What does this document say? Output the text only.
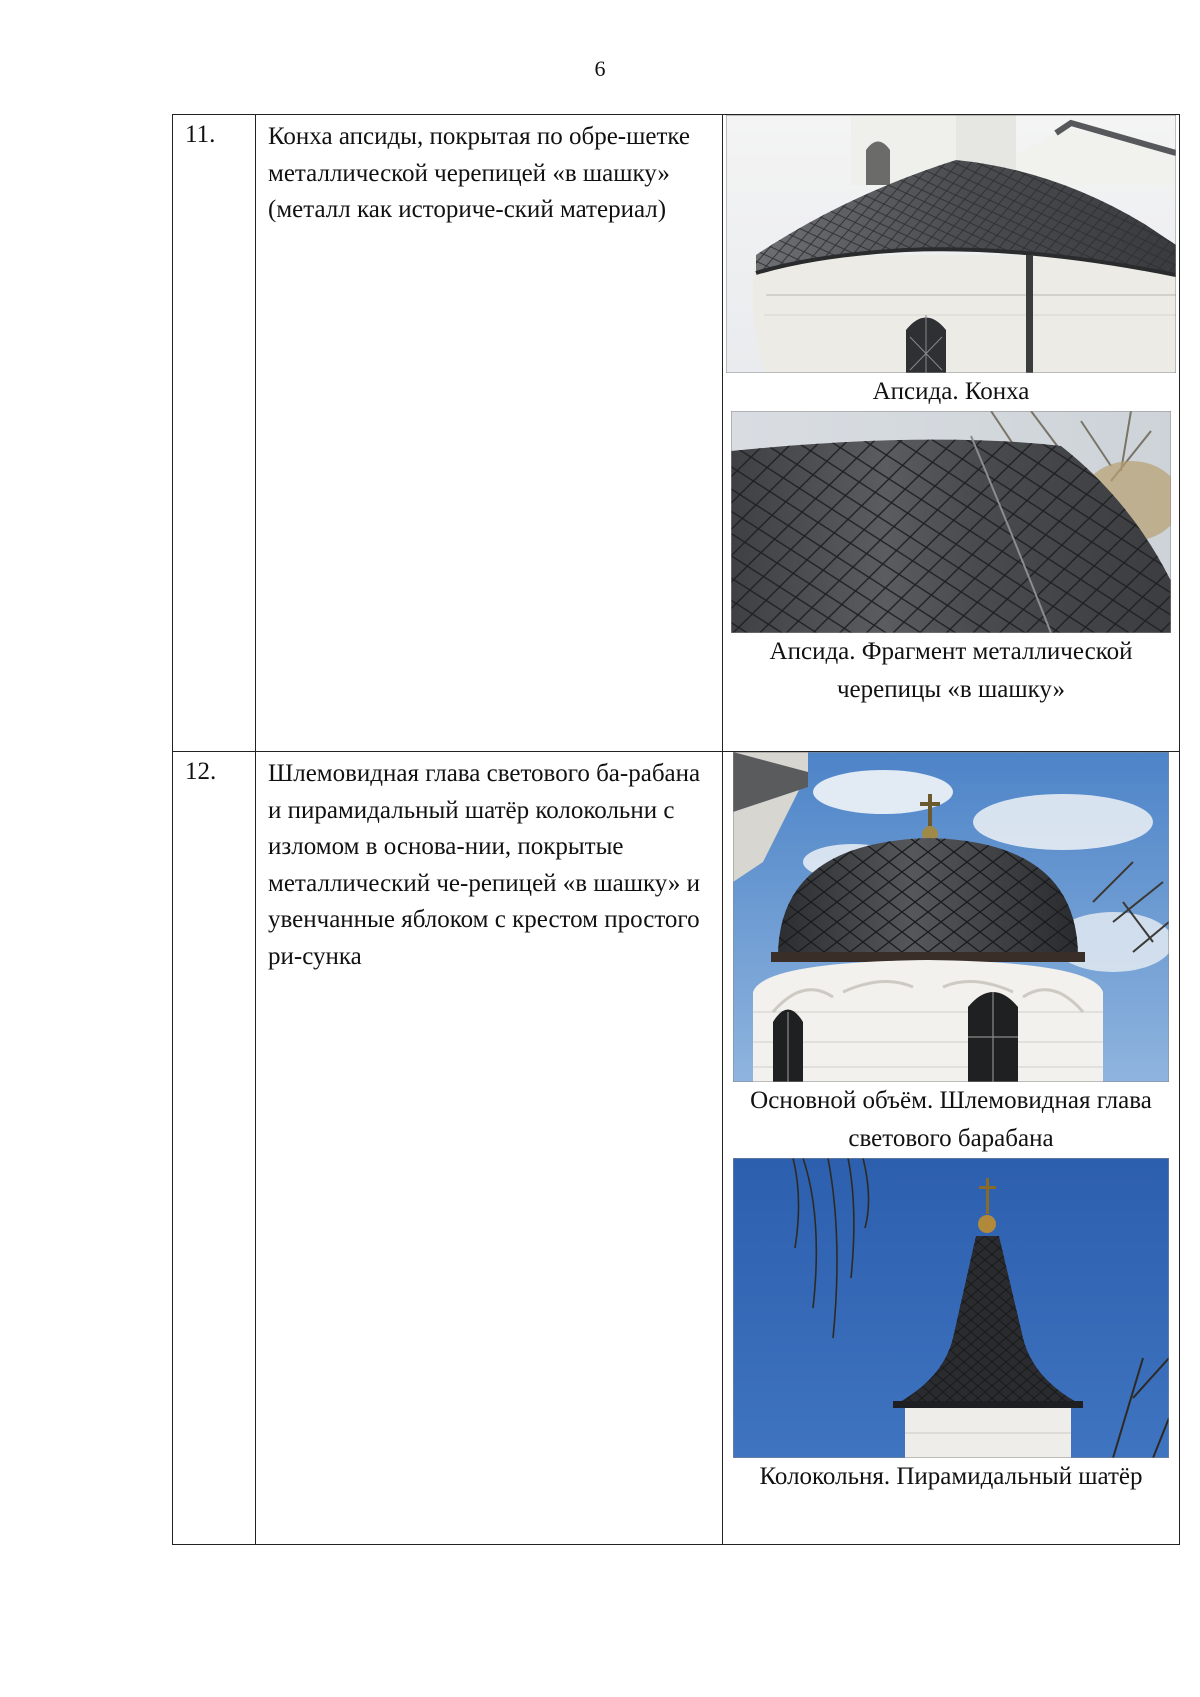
6
11.	Конха апсиды, покрытая по обре-шетке металлической черепицей «в шашку» (металл как историче-ский материал)	Апсида. Конха
Апсида. Фрагмент металлической черепицы «в шашку»

12.	Шлемовидная глава светового ба-рабана и пирамидальный шатёр колокольни с изломом в основа-нии, покрытые металлический че-репицей «в шашку» и увенчанные яблоком с крестом простого ри-сунка	Основной объём. Шлемовидная глава светового барабана
Колокольня. Пирамидальный шатёр
